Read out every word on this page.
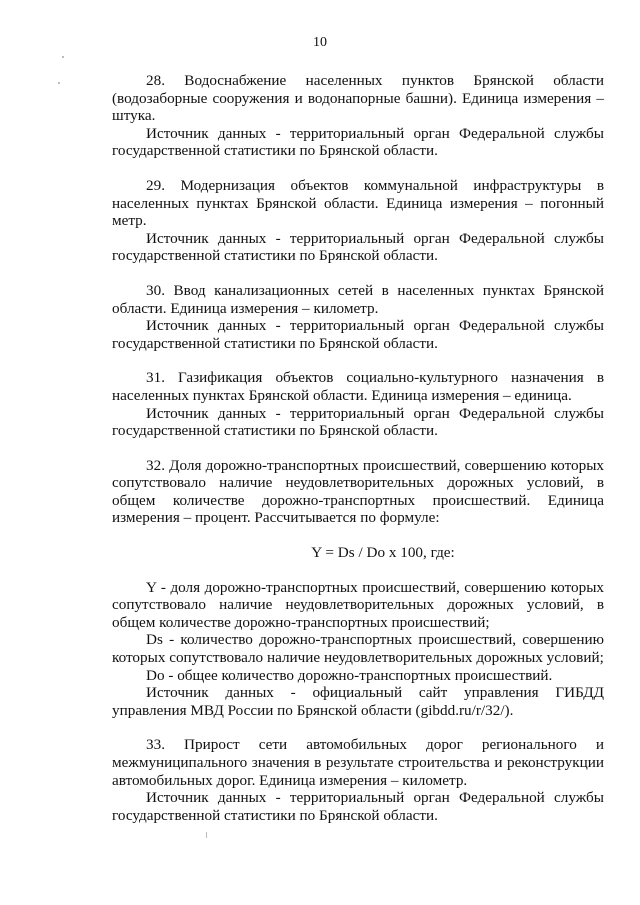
10

28. Водоснабжение населенных пунктов Брянской области (водозаборные сооружения и водонапорные башни). Единица измерения – штука.

Источник данных - территориальный орган Федеральной службы государственной статистики по Брянской области.

29. Модернизация объектов коммунальной инфраструктуры в населенных пунктах Брянской области. Единица измерения – погонный метр.

Источник данных - территориальный орган Федеральной службы государственной статистики по Брянской области.

30. Ввод канализационных сетей в населенных пунктах Брянской области. Единица измерения – километр.

Источник данных - территориальный орган Федеральной службы государственной статистики по Брянской области.

31. Газификация объектов социально-культурного назначения в населенных пунктах Брянской области. Единица измерения – единица.

Источник данных - территориальный орган Федеральной службы государственной статистики по Брянской области.

32. Доля дорожно-транспортных происшествий, совершению которых сопутствовало наличие неудовлетворительных дорожных условий, в общем количестве дорожно-транспортных происшествий. Единица измерения – процент. Рассчитывается по формуле:

Y = Ds / Do x 100, где:

Y - доля дорожно-транспортных происшествий, совершению которых сопутствовало наличие неудовлетворительных дорожных условий, в общем количестве дорожно-транспортных происшествий;

Ds - количество дорожно-транспортных происшествий, совершению которых сопутствовало наличие неудовлетворительных дорожных условий;

Do - общее количество дорожно-транспортных происшествий.

Источник данных - официальный сайт управления ГИБДД управления МВД России по Брянской области (gibdd.ru/r/32/).

33. Прирост сети автомобильных дорог регионального и межмуниципального значения в результате строительства и реконструкции автомобильных дорог. Единица измерения – километр.

Источник данных - территориальный орган Федеральной службы государственной статистики по Брянской области.
